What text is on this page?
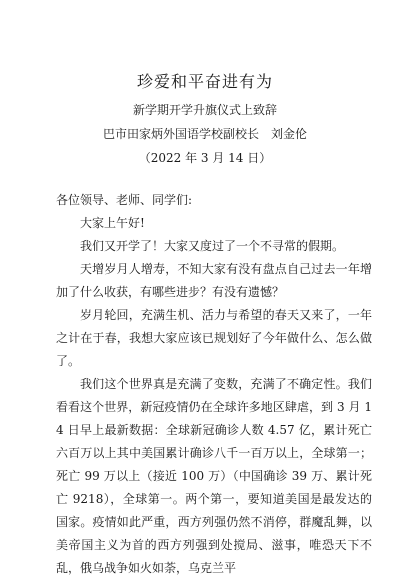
珍爱和平奋进有为
新学期开学升旗仪式上致辞
巴市田家炳外国语学校副校长　刘金伦
（2022 年 3 月 14 日）
各位领导、老师、同学们:
大家上午好!
我们又开学了！大家又度过了一个不寻常的假期。
天增岁月人增寿，不知大家有没有盘点自己过去一年增加了什么收获，有哪些进步？有没有遗憾？
岁月轮回，充满生机、活力与希望的春天又来了，一年之计在于春，我想大家应该已规划好了今年做什么、怎么做了。
我们这个世界真是充满了变数，充满了不确定性。我们看看这个世界，新冠疫情仍在全球许多地区肆虐，到 3 月 14 日早上最新数据：全球新冠确诊人数 4.57 亿，累计死亡六百万以上其中美国累计确诊八千一百万以上，全球第一；死亡 99 万以上（接近 100 万）（中国确诊 39 万、累计死亡 9218），全球第一。两个第一，要知道美国是最发达的国家。疫情如此严重，西方列强仍然不消停，群魔乱舞，以美帝国主义为首的西方列强到处搅局、滋事，唯恐天下不乱，俄乌战争如火如荼，乌克兰平
